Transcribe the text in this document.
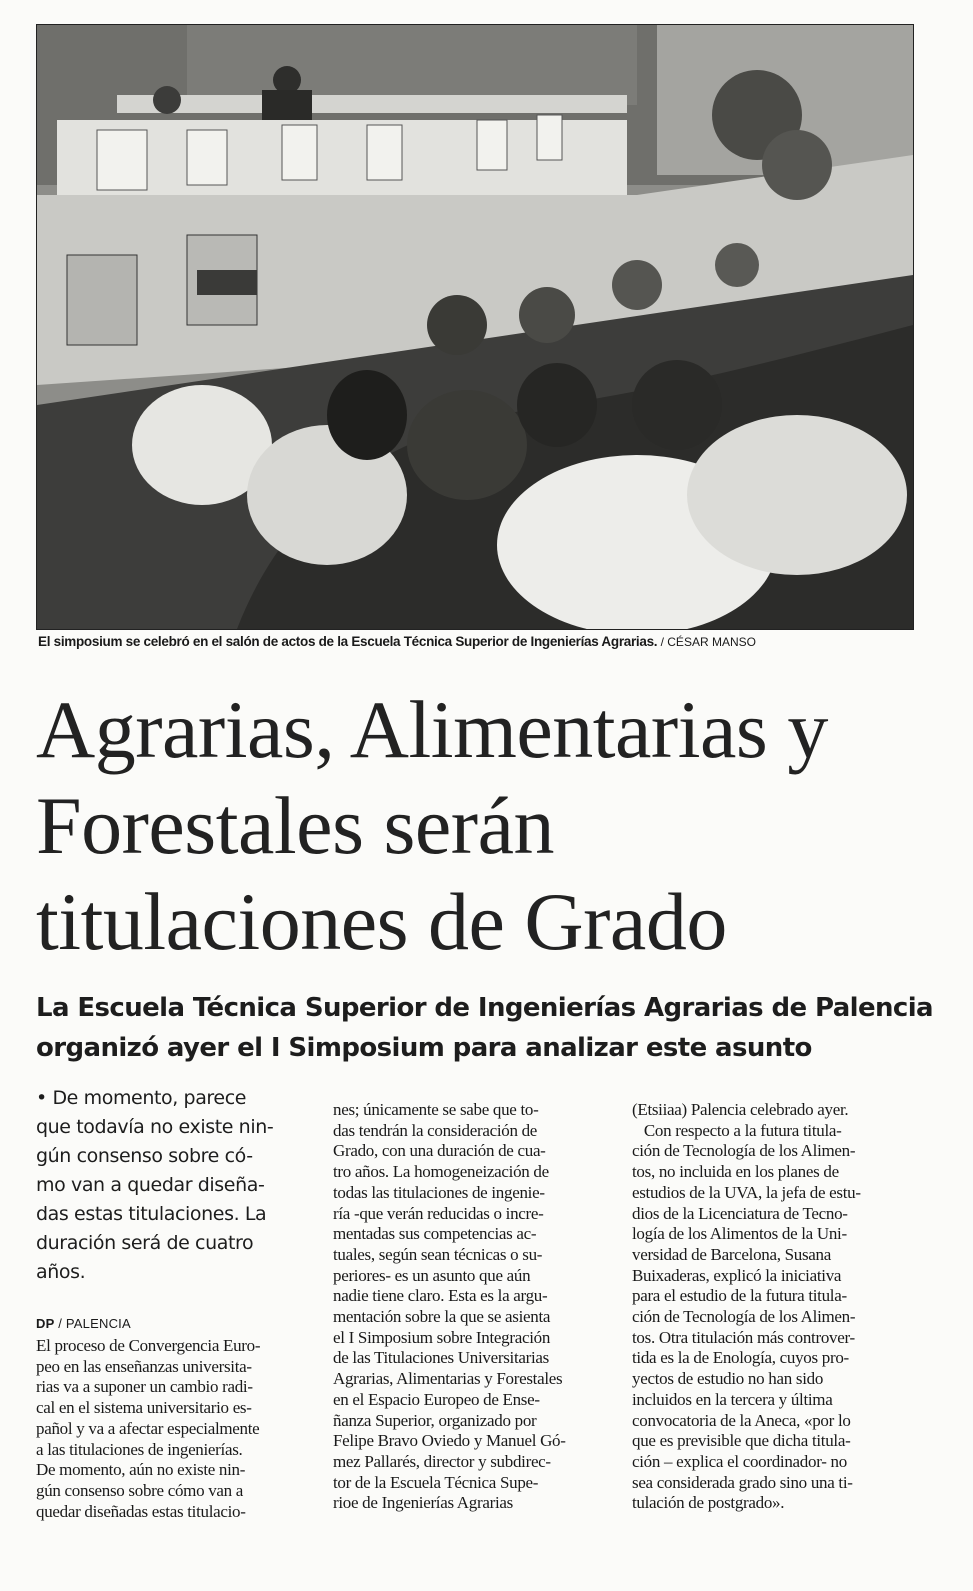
El simposium se celebró en el salón de actos de la Escuela Técnica Superior de Ingenierías Agrarias. / CÉSAR MANSO
Agrarias, Alimentarias y
Forestales serán
titulaciones de Grado
La Escuela Técnica Superior de Ingenierías Agrarias de Palencia
organizó ayer el I Simposium para analizar este asunto
• De momento, parece
que todavía no existe nin-
gún consenso sobre có-
mo van a quedar diseña-
das estas titulaciones. La
duración será de cuatro
años.
DP / PALENCIA
El proceso de Convergencia Euro-
peo en las enseñanzas universita-
rias va a suponer un cambio radi-
cal en el sistema universitario es-
pañol y va a afectar especialmente
a las titulaciones de ingenierías.
De momento, aún no existe nin-
gún consenso sobre cómo van a
quedar diseñadas estas titulacio-
nes; únicamente se sabe que to-
das tendrán la consideración de
Grado, con una duración de cua-
tro años. La homogeneización de
todas las titulaciones de ingenie-
ría -que verán reducidas o incre-
mentadas sus competencias ac-
tuales, según sean técnicas o su-
periores- es un asunto que aún
nadie tiene claro. Esta es la argu-
mentación sobre la que se asienta
el I Simposium sobre Integración
de las Titulaciones Universitarias
Agrarias, Alimentarias y Forestales
en el Espacio Europeo de Ense-
ñanza Superior, organizado por
Felipe Bravo Oviedo y Manuel Gó-
mez Pallarés, director y subdirec-
tor de la Escuela Técnica Supe-
rioe de Ingenierías Agrarias
(Etsiiaa) Palencia celebrado ayer.
Con respecto a la futura titula-
ción de Tecnología de los Alimen-
tos, no incluida en los planes de
estudios de la UVA, la jefa de estu-
dios de la Licenciatura de Tecno-
logía de los Alimentos de la Uni-
versidad de Barcelona, Susana
Buixaderas, explicó la iniciativa
para el estudio de la futura titula-
ción de Tecnología de los Alimen-
tos. Otra titulación más controver-
tida es la de Enología, cuyos pro-
yectos de estudio no han sido
incluidos en la tercera y última
convocatoria de la Aneca, «por lo
que es previsible que dicha titula-
ción – explica el coordinador- no
sea considerada grado sino una ti-
tulación de postgrado».
